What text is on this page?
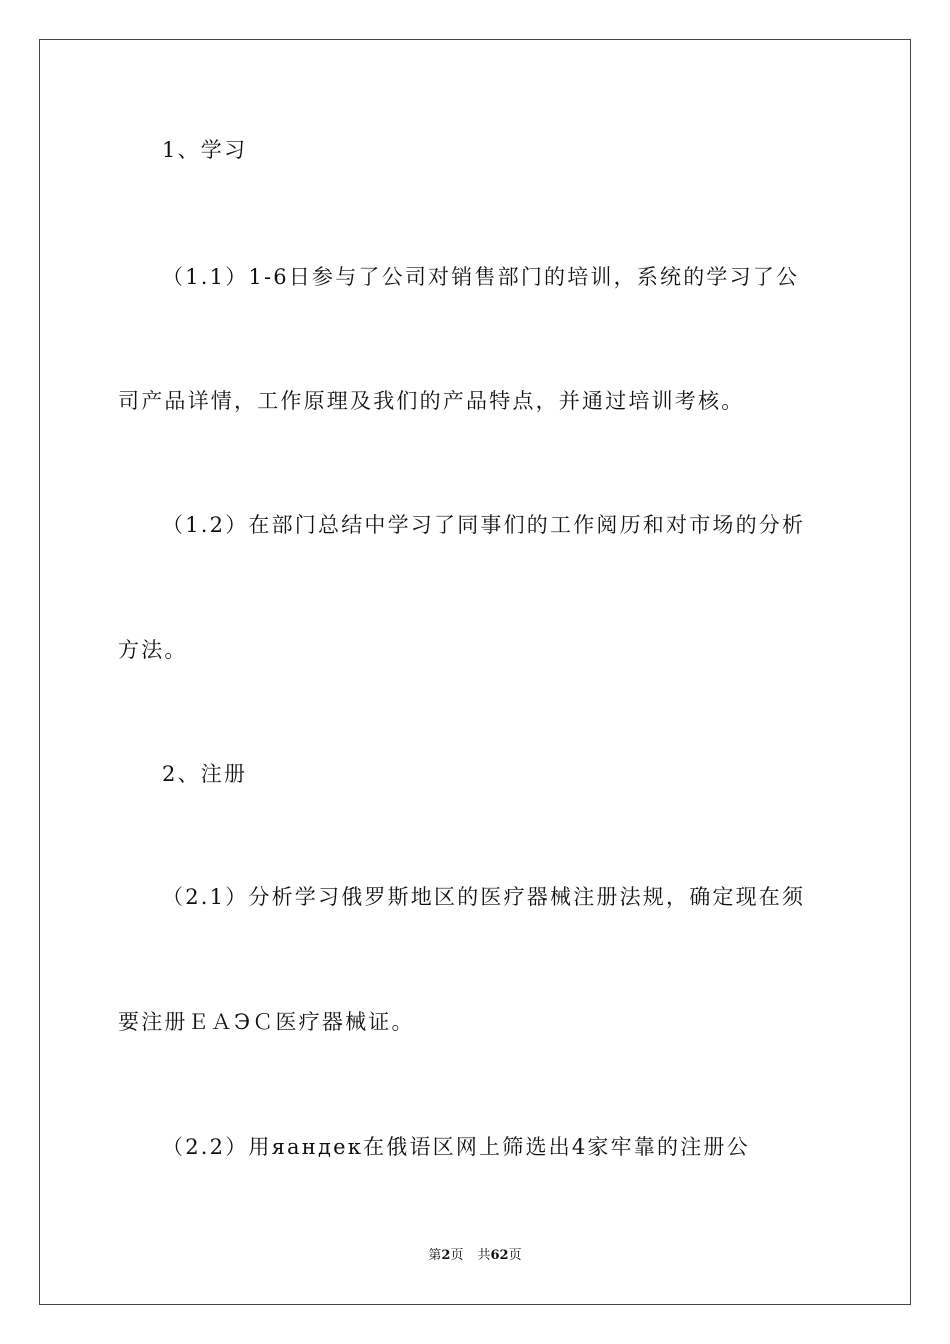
1、学习
（1.1）1-6日参与了公司对销售部门的培训，系统的学习了公
司产品详情，工作原理及我们的产品特点，并通过培训考核。
（1.2）在部门总结中学习了同事们的工作阅历和对市场的分析
方法。
2、注册
（2.1）分析学习俄罗斯地区的医疗器械注册法规，确定现在须
要注册ＥＡЭＣ医疗器械证。
（2.2）用яандек在俄语区网上筛选出4家牢靠的注册公
第2页 共62页
